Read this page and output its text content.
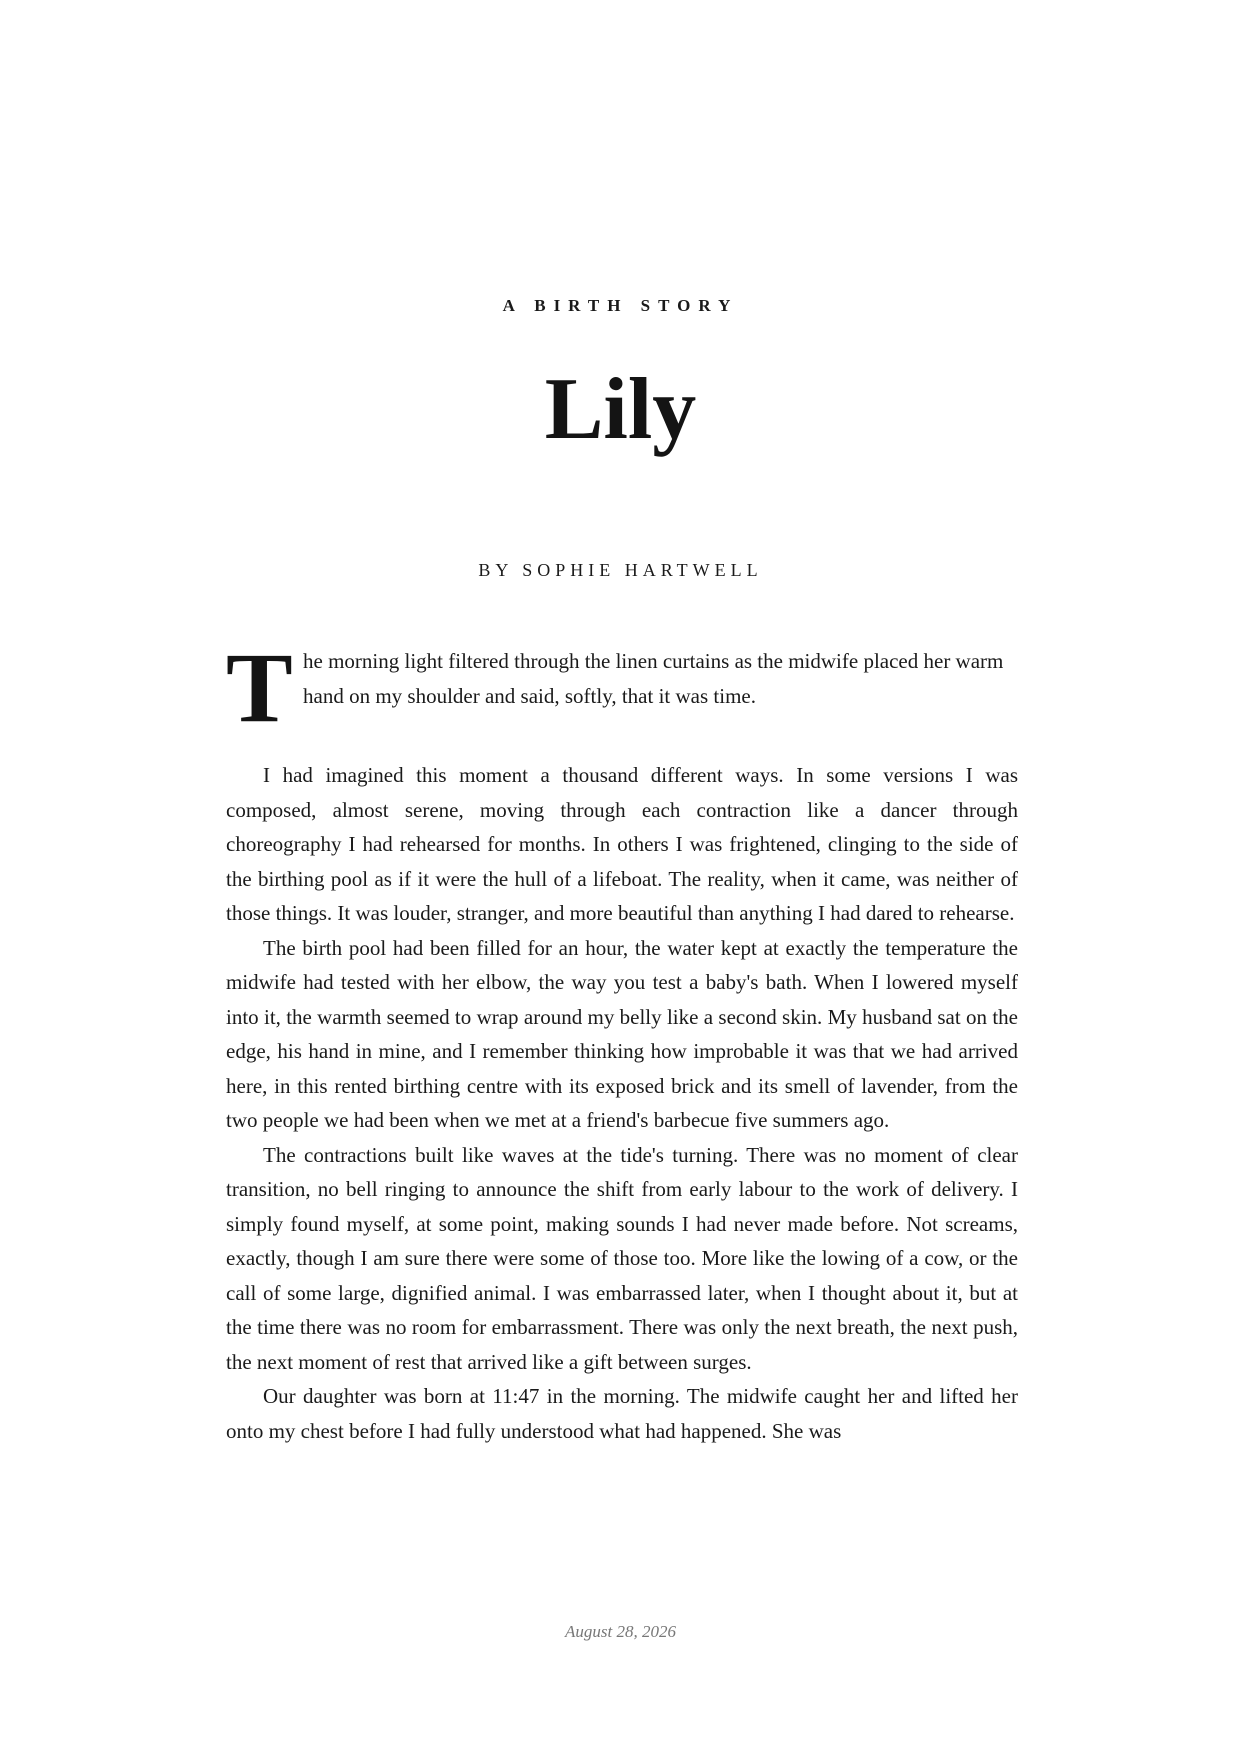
A BIRTH STORY
Lily
BY SOPHIE HARTWELL

T he morning light filtered through the linen curtains as the midwife placed her warm hand on my shoulder and said, softly, that it was time.

I had imagined this moment a thousand different ways. In some versions I was composed, almost serene, moving through each contraction like a dancer through choreography I had rehearsed for months. In others I was frightened, clinging to the side of the birthing pool as if it were the hull of a lifeboat. The reality, when it came, was neither of those things. It was louder, stranger, and more beautiful than anything I had dared to rehearse.

The birth pool had been filled for an hour, the water kept at exactly the temperature the midwife had tested with her elbow, the way you test a baby's bath. When I lowered myself into it, the warmth seemed to wrap around my belly like a second skin. My husband sat on the edge, his hand in mine, and I remember thinking how improbable it was that we had arrived here, in this rented birthing centre with its exposed brick and its smell of lavender, from the two people we had been when we met at a friend's barbecue five summers ago.

The contractions built like waves at the tide's turning. There was no moment of clear transition, no bell ringing to announce the shift from early labour to the work of delivery. I simply found myself, at some point, making sounds I had never made before. Not screams, exactly, though I am sure there were some of those too. More like the lowing of a cow, or the call of some large, dignified animal. I was embarrassed later, when I thought about it, but at the time there was no room for embarrassment. There was only the next breath, the next push, the next moment of rest that arrived like a gift between surges.

Our daughter was born at 11:47 in the morning. The midwife caught her and lifted her onto my chest before I had fully understood what had happened. She was

August 28, 2026
